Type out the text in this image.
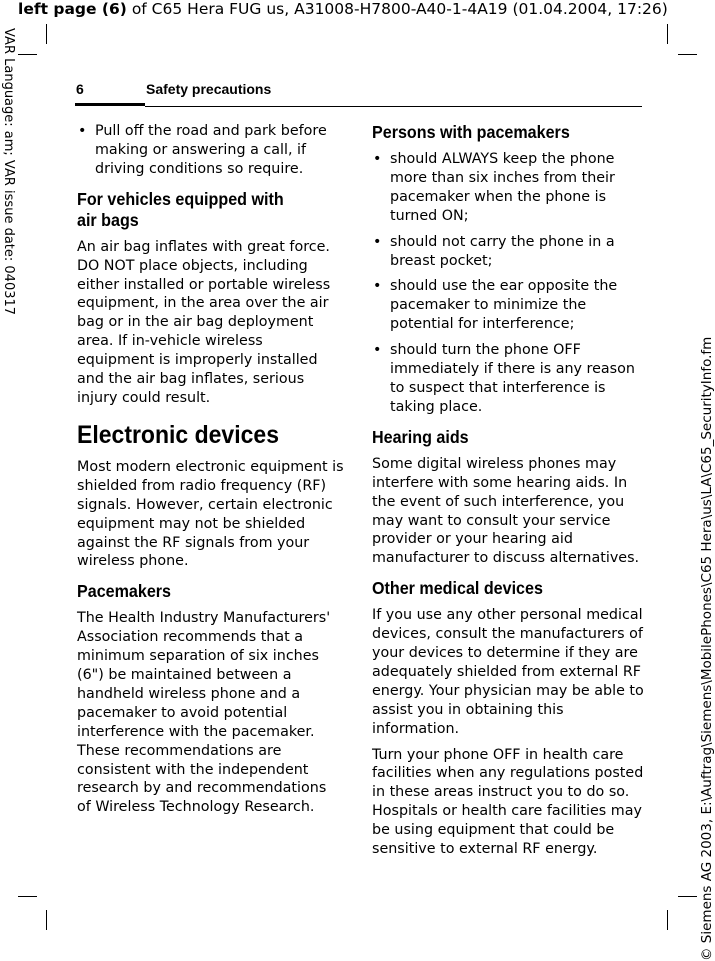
left page (6) of C65 Hera FUG us, A31008-H7800-A40-1-4A19 (01.04.2004, 17:26)
VAR Language: am; VAR issue date: 040317
© Siemens AG 2003, E:\Auftrag\Siemens\MobilePhones\C65 Hera\us\LA\C65_SecurityInfo.fm
6	Safety precautions
• Pull off the road and park before making or answering a call, if driving conditions so require.
For vehicles equipped with air bags

An air bag inflates with great force. DO NOT place objects, including either installed or portable wireless equipment, in the area over the air bag or in the air bag deployment area. If in-vehicle wireless equipment is improperly installed and the air bag inflates, serious injury could result.

Electronic devices

Most modern electronic equipment is shielded from radio frequency (RF) signals. However, certain electronic equipment may not be shielded against the RF signals from your wireless phone.

Pacemakers

The Health Industry Manufacturers' Association recommends that a minimum separation of six inches (6") be maintained between a handheld wireless phone and a pacemaker to avoid potential interference with the pacemaker. These recommendations are consistent with the independent research by and recommendations of Wireless Technology Research.

Persons with pacemakers
• should ALWAYS keep the phone more than six inches from their pacemaker when the phone is turned ON;
• should not carry the phone in a breast pocket;
• should use the ear opposite the pacemaker to minimize the potential for interference;
• should turn the phone OFF immediately if there is any reason to suspect that interference is taking place.
Hearing aids

Some digital wireless phones may interfere with some hearing aids. In the event of such interference, you may want to consult your service provider or your hearing aid manufacturer to discuss alternatives.

Other medical devices

If you use any other personal medical devices, consult the manufacturers of your devices to determine if they are adequately shielded from external RF energy. Your physician may be able to assist you in obtaining this information.

Turn your phone OFF in health care facilities when any regulations posted in these areas instruct you to do so. Hospitals or health care facilities may be using equipment that could be sensitive to external RF energy.
